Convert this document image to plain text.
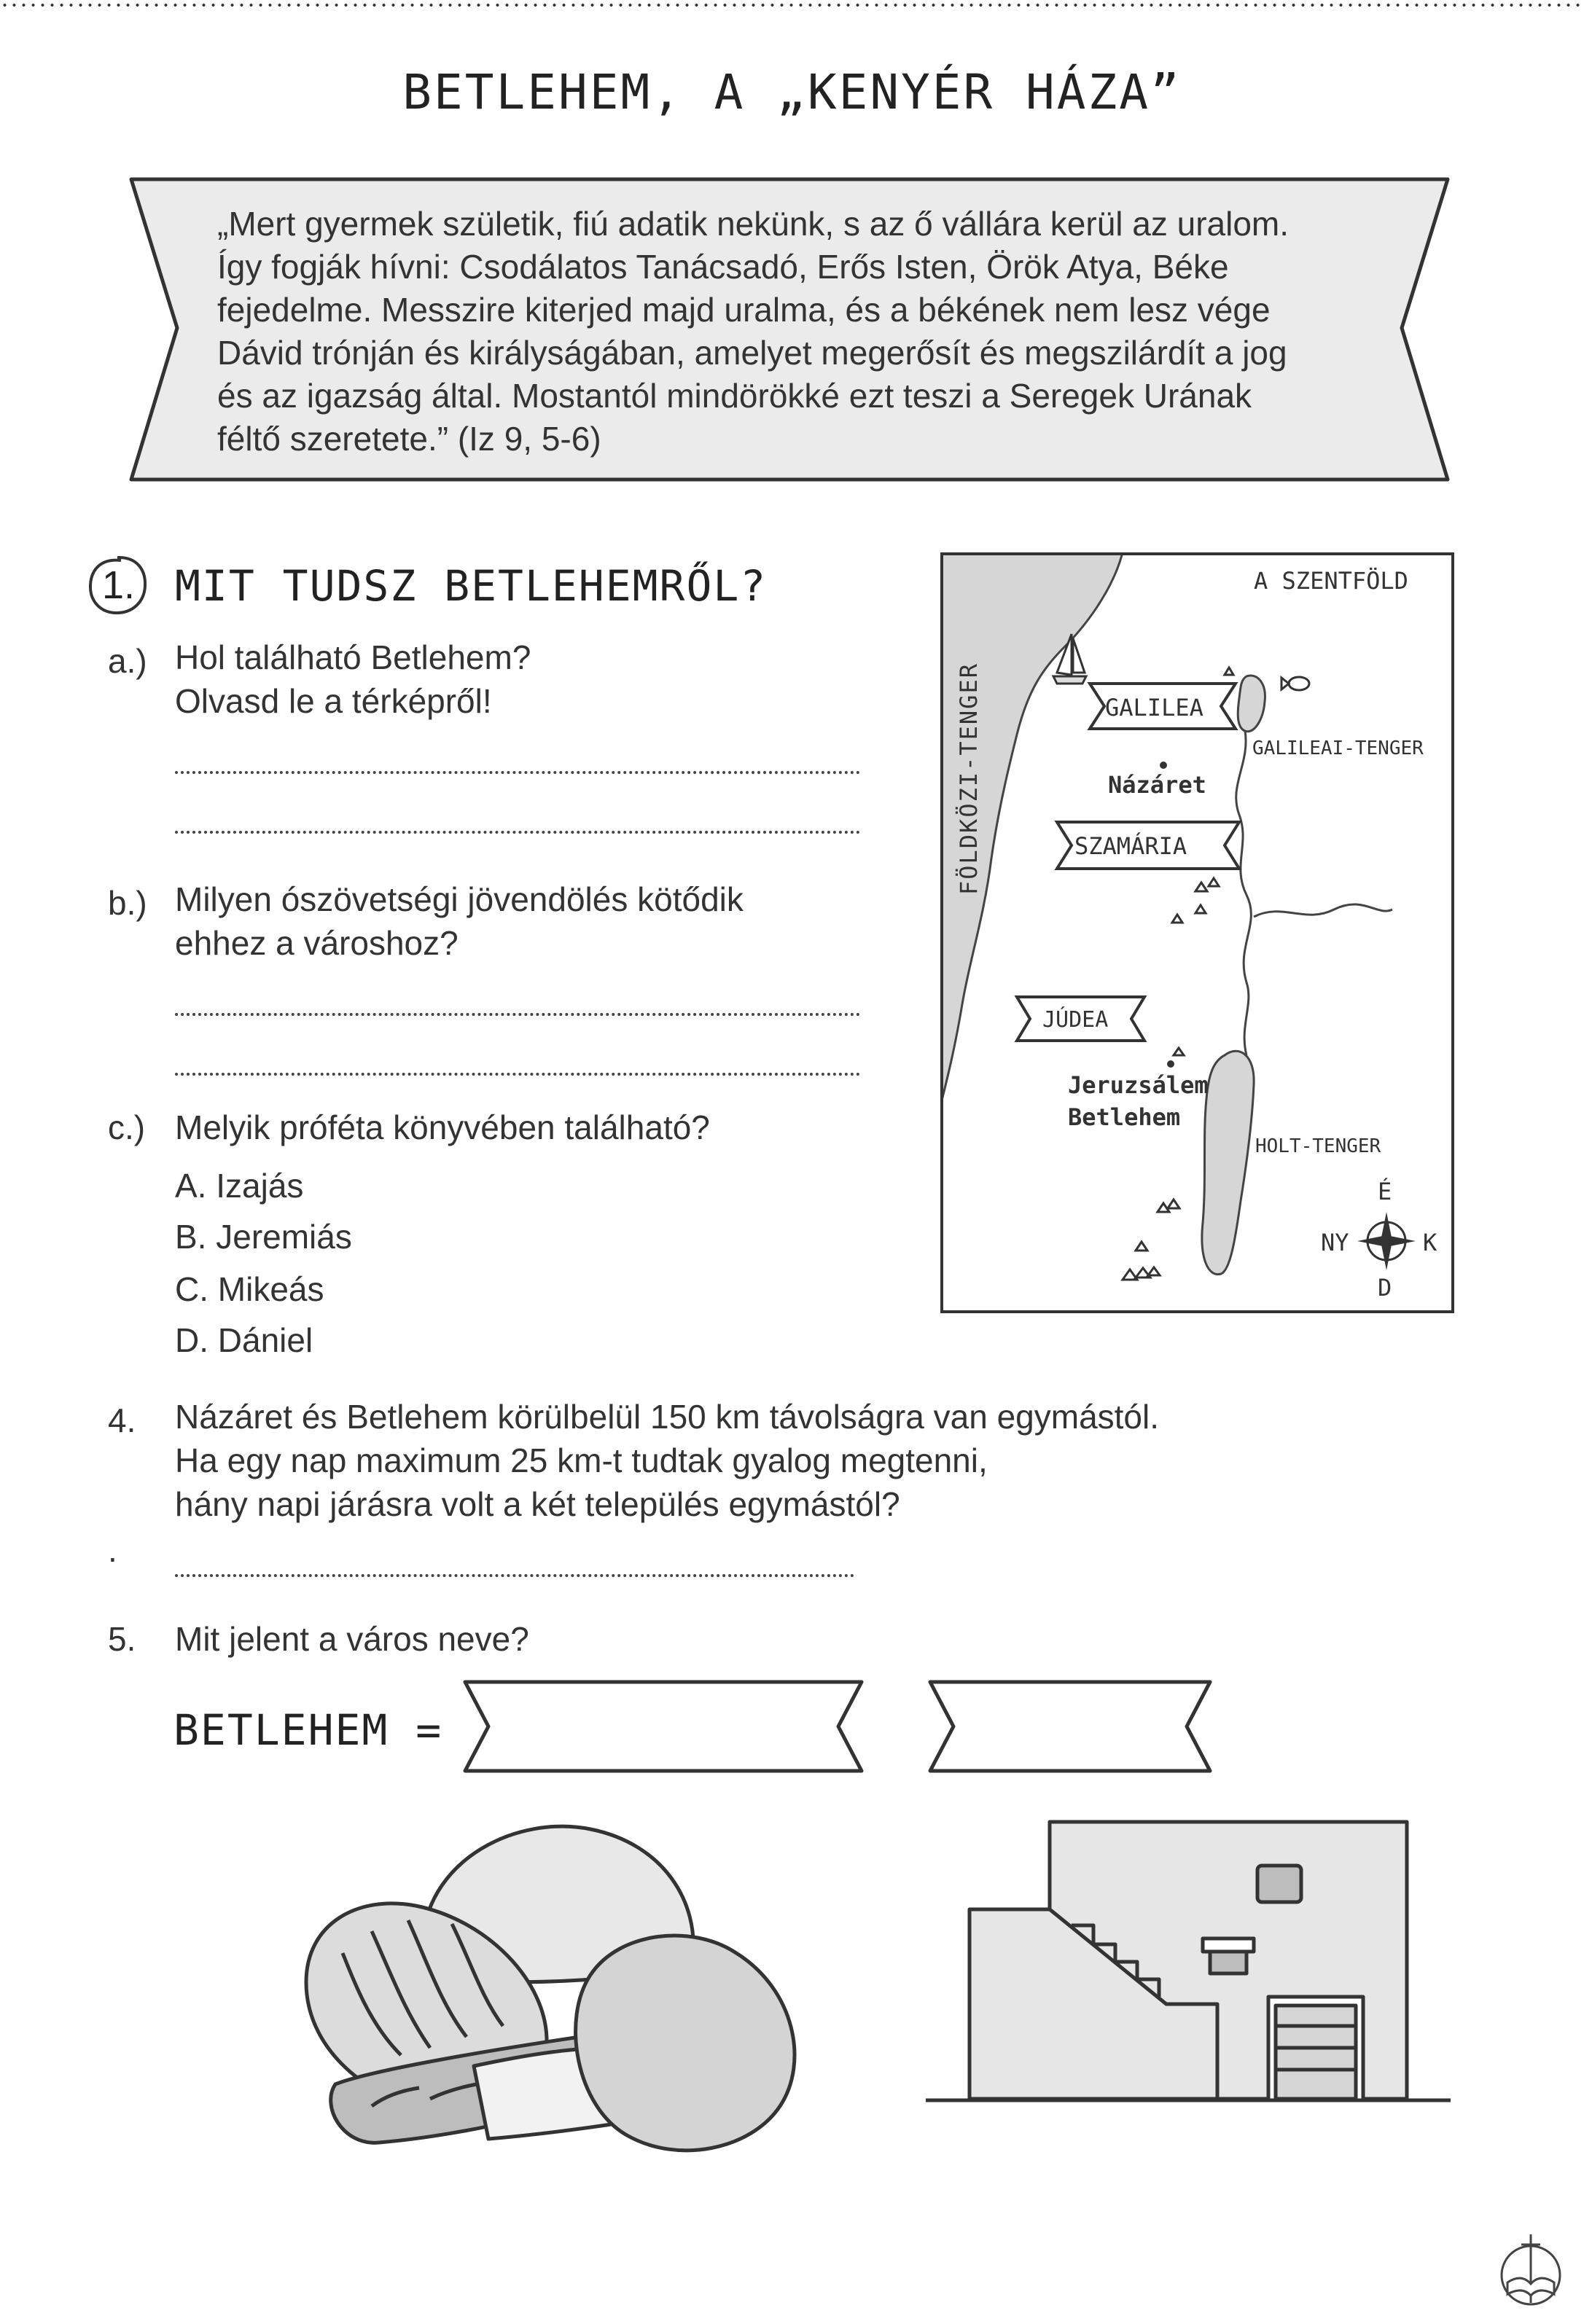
BETLEHEM, A „KENYÉR HÁZA”
„Mert gyermek születik, fiú adatik nekünk, s az ő vállára kerül az uralom.
Így fogják hívni: Csodálatos Tanácsadó, Erős Isten, Örök Atya, Béke
fejedelme. Messzire kiterjed majd uralma, és a békének nem lesz vége
Dávid trónján és királyságában, amelyet megerősít és megszilárdít a jog
és az igazság által. Mostantól mindörökké ezt teszi a Seregek Urának
féltő szeretete.” (Iz 9, 5-6)
1. MIT TUDSZ BETLEHEMRŐL?
a.) Hol található Betlehem?
Olvasd le a térképről!
b.) Milyen ószövetségi jövendölés kötődik
ehhez a városhoz?
c.) Melyik próféta könyvében található?
A. Izajás
B. Jeremiás
C. Mikeás
D. Dániel
A SZENTFÖLD
FÖLDKÖZI-TENGER	GALILEA
GALILEAI-TENGER
Názáret
SZAMÁRIA
JÚDEA
Jeruzsálem
Betlehem
HOLT-TENGER
É
NY	K
D
4. Názáret és Betlehem körülbelül 150 km távolságra van egymástól.
Ha egy nap maximum 25 km-t tudtak gyalog megtenni,
hány napi járásra volt a két település egymástól?
.
5. Mit jelent a város neve?
BETLEHEM =
